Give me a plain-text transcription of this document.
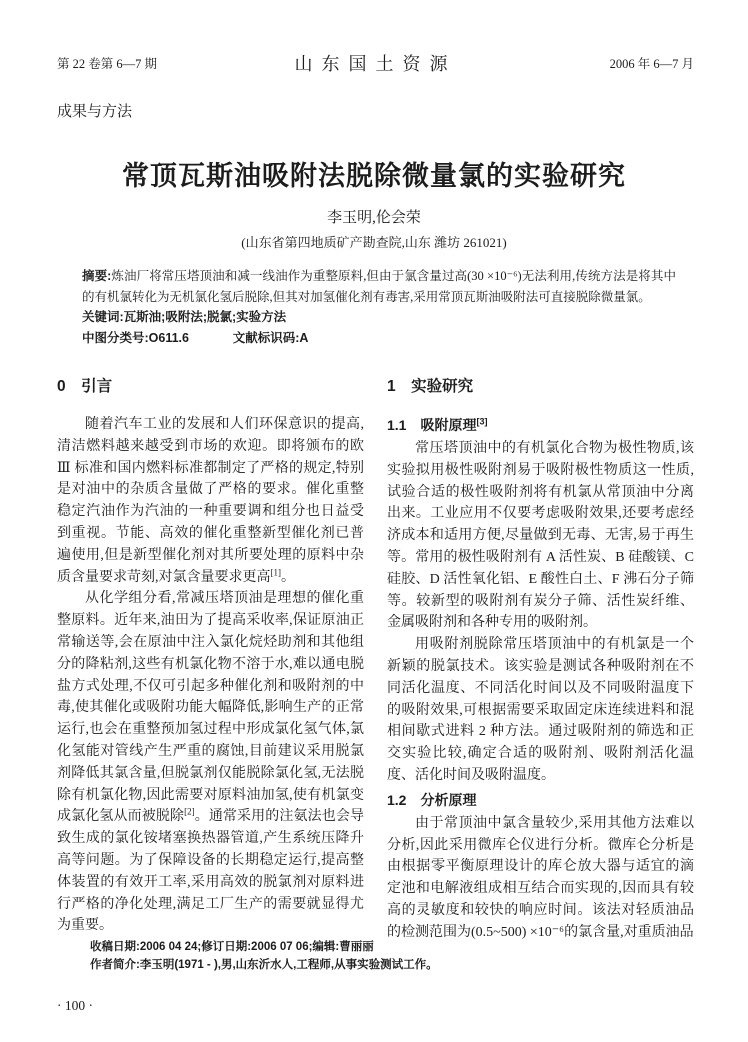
第 22 卷第 6—7 期	山东国土资源	2006 年 6—7 月
成果与方法
常顶瓦斯油吸附法脱除微量氯的实验研究
李玉明,伦会荣
(山东省第四地质矿产勘查院,山东 潍坊 261021)
摘要:炼油厂将常压塔顶油和减一线油作为重整原料,但由于氯含量过高(30 ×10⁻⁶)无法利用,传统方法是将其中的有机氯转化为无机氯化氢后脱除,但其对加氢催化剂有毒害,采用常顶瓦斯油吸附法可直接脱除微量氯。
关键词:瓦斯油;吸附法;脱氯;实验方法
中图分类号:O611.6	文献标识码:A
0　引言

随着汽车工业的发展和人们环保意识的提高,清洁燃料越来越受到市场的欢迎。即将颁布的欧 Ⅲ 标准和国内燃料标准都制定了严格的规定,特别是对油中的杂质含量做了严格的要求。催化重整稳定汽油作为汽油的一种重要调和组分也日益受到重视。节能、高效的催化重整新型催化剂已普遍使用,但是新型催化剂对其所要处理的原料中杂质含量要求苛刻,对氯含量要求更高[1]。

从化学组分看,常减压塔顶油是理想的催化重整原料。近年来,油田为了提高采收率,保证原油正常输送等,会在原油中注入氯化烷烃助剂和其他组分的降粘剂,这些有机氯化物不溶于水,难以通电脱盐方式处理,不仅可引起多种催化剂和吸附剂的中毒,使其催化或吸附功能大幅降低,影响生产的正常运行,也会在重整预加氢过程中形成氯化氢气体,氯化氢能对管线产生严重的腐蚀,目前建议采用脱氯剂降低其氯含量,但脱氯剂仅能脱除氯化氢,无法脱除有机氯化物,因此需要对原料油加氢,使有机氯变成氯化氢从而被脱除[2]。通常采用的注氨法也会导致生成的氯化铵堵塞换热器管道,产生系统压降升高等问题。为了保障设备的长期稳定运行,提高整体装置的有效开工率,采用高效的脱氯剂对原料进行严格的净化处理,满足工厂生产的需要就显得尤为重要。

1　实验研究
1.1　吸附原理[3]

常压塔顶油中的有机氯化合物为极性物质,该实验拟用极性吸附剂易于吸附极性物质这一性质,试验合适的极性吸附剂将有机氯从常顶油中分离出来。工业应用不仅要考虑吸附效果,还要考虑经济成本和适用方便,尽量做到无毒、无害,易于再生等。常用的极性吸附剂有 A 活性炭、B 硅酸镁、C 硅胶、D 活性氧化铝、E 酸性白土、F 沸石分子筛等。较新型的吸附剂有炭分子筛、活性炭纤维、金属吸附剂和各种专用的吸附剂。

用吸附剂脱除常压塔顶油中的有机氯是一个新颖的脱氯技术。该实验是测试各种吸附剂在不同活化温度、不同活化时间以及不同吸附温度下的吸附效果,可根据需要采取固定床连续进料和混相间歇式进料 2 种方法。通过吸附剂的筛选和正交实验比较,确定合适的吸附剂、吸附剂活化温度、活化时间及吸附温度。

1.2　分析原理

由于常顶油中氯含量较少,采用其他方法难以分析,因此采用微库仑仪进行分析。微库仑分析是由根据零平衡原理设计的库仑放大器与适宜的滴定池和电解液组成相互结合而实现的,因而具有较高的灵敏度和较快的响应时间。该法对轻质油品的检测范围为(0.5~500) ×10⁻⁶的氯含量,对重质油品

收稿日期:2006 04 24;修订日期:2006 07 06;编辑:曹丽丽
作者简介:李玉明(1971 - ),男,山东沂水人,工程师,从事实验测试工作。
· 100 ·
